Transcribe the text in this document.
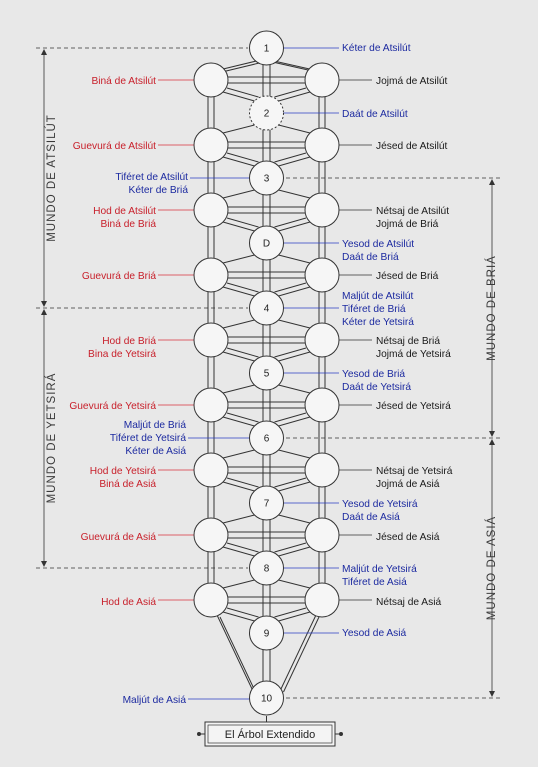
MUNDO DE ATSILÚT
MUNDO DE YETSIRÁ
MUNDO DE BRIÁ
MUNDO DE ASIÁ
1
2
3
D
4
5
6
7
8
9
10
Biná de Atsilút
Guevurá de Atsilút
Tiféret de Atsilút
Kéter de Briá
Hod de Atsilút
Biná de Briá
Guevurá de Briá
Hod de Briá
Bina de Yetsirá
Guevurá de Yetsirá
Maljút de Briá
Tiféret de Yetsirá
Kéter de Asiá
Hod de Yetsirá
Biná de Asiá
Guevurá de Asiá
Hod de Asiá
Maljút de Asiá
Kéter de Atsilút
Jojmá de Atsilút
Daát de Atsilút
Jésed de Atsilút
Nétsaj de Atsilút
Jojmá de Briá
Yesod de Atsilút
Daát de Briá
Jésed de Briá
Maljút de Atsilút
Tiféret de Briá
Kéter de Yetsirá
Nétsaj de Briá
Jojmá de Yetsirá
Yesod de Briá
Daát de Yetsirá
Jésed de Yetsirá
Nétsaj de Yetsirá
Jojmá de Asiá
Yesod de Yetsirá
Daát de Asiá
Jésed de Asiá
Maljút de Yetsirá
Tiféret de Asiá
Nétsaj de Asiá
Yesod de Asiá
El Árbol Extendido
